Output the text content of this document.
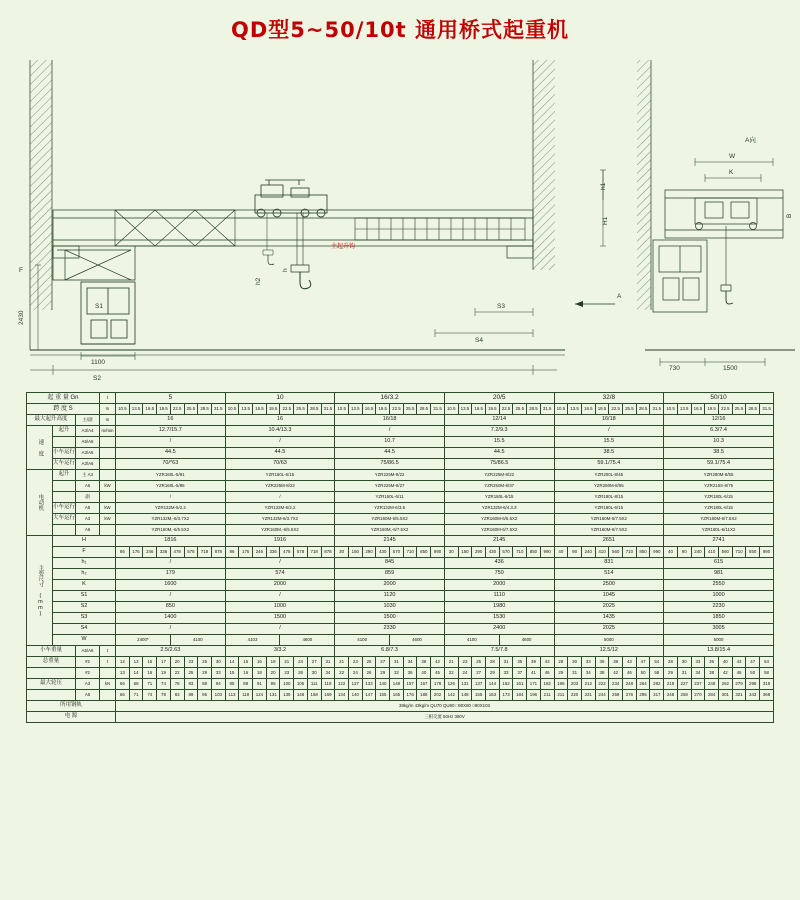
QD型5~50/10t 通用桥式起重机
1100
S1
S2
S3
S4
2430
F
H1
h1
h2
h
A
A向
W
K
B
730	1500
主起升钩
起 重 量 Gn			t	5								10								16/3.2								20/5								32/8								50/10							
跨 度 S			m	10.5	13.5	16.5	19.5	22.5	25.5	28.5	31.5	10.5	13.5	16.5	19.5	22.5	25.5	28.5	31.5	10.5	13.5	16.5	19.5	22.5	25.5	28.5	31.5	10.5	13.5	16.5	19.5	22.5	25.5	28.5	31.5	10.5	13.5	16.5	19.5	22.5	25.5	28.5	31.5	10.5	13.5	16.5	19.5	22.5	25.5	28.5	31.5
最大起升高度		主/副	m	16								16								16/18								12/14								16/18								12/16							
速 度	起升	A3/A4	m/min	12.7/15.7								10.4/13.3								/								7.2/9.3								/								6.3/7.4							
		A5/A6		/								/								10.7								15.5								15.5								10.3							
	小车运行	A3/A6		44.5								44.5								44.5								44.5								38.5								38.5							
	大车运行	A3/A6		70/*63								70/63								75/86.5								75/86.5								59.1/75.4								59.1/75.4							
电动机	起升	主 A3		YZR160L-5/81								YZR160L-6/15								YZR225M-8/22								YZR225M-8/22								YZR200L-8/45								YZR280M-8/55							
		A6	kW	YZR160L-5/85								YZR225M-8/22								YZR225M-8/27								YZR250M-8/37								YZR280M-8/55								YZR215S-8/75							
		副		/								/								YZR160L-6/11								YZR180L-6/15								YZR180L-8/15								YZR180L-6/15							
	小车运行	A5	kW	YZR132M-5/2.2								YZR132M-6/2.2								YZR132M-6/3.5								YZR132M-6/4.3.3								YZR180L-6/15								YZR180L-6/15							
	大车运行	A3	kW	YZR132M,-6/3.7X2								YZR132M-6/3.7X2								YZR160M-6/5.5X2								YZR160M-6/5.5X2								YZR160M-6/7.5X2								YZR160M-6/7.5X2							
		A6		YZR160M,-6/5.5X2								YZR160M,-6/5.5X2								YZR160M,-6/7.5X2								YZR160M-6/7.5X2								YZR160M-6/7.5X2								YZR180L-6/11X2							
主要尺寸 (mm)	H			1816								1916								2145								2145								2651								2741							
	F			86	176	246	336	478	578	718	878	86	176	246	336	478	578	718	878	30	150	290	430	570	710	850	990	30	150	290	430	570	710	850	990	40	90	240	410	560	710	850	990	40	90	240	410	560	710	850	990
	h₁			/								/								845								436								831								615							
	h₂			179								574								859								750								514								981							
	K			1600								2000								2000								2000								2500								2550							
	S1			/								/								1120								1110								1045								1000							
	S2			850								1000								1030								1980								2025								2230							
	S3			1400								1500								1500								1530								1435								1850							
	S4			/								/								2330								2400								2025								3005							
	W			2400*				4100				4103				4600				4100				4600				4100				4600				5000								5000							
小车重量		A5/A6	t	2.5/2.63								3/3.2								6.8/7.3								7.5/7.8								12.5/12								13.8/15.4							
总重量		#2	t	12	13	15	17	20	23	26	30	14	15	16	18	21	24	27	31	21	23	25	27	31	34	38	42	21	23	25	28	31	35	39	43	28	30	33	36	39	43	47	54	28	30	33	36	40	43	47	54
		#2		13	14	16	19	22	25	29	33	15	16	18	20	23	26	30	34	22	24	26	29	32	36	40	45	22	24	27	29	33	37	41	46	29	31	34	38	42	46	50	58	29	31	34	38	42	46	50	58
最大轮压		A3	kN	66	68	71	74	78	83	88	94	85	88	91	95	100	105	111	118	122	127	133	140	148	157	167	178	126	131	137	144	152	161	171	182	196	203	212	222	234	248	264	282	219	227	237	248	262	279	298	319
		A5		66	71	74	78	83	89	95	103	113	118	124	131	139	148	158	169	134	140	147	155	165	176	188	202	142	148	155	163	173	184	196	211	211	220	231	244	259	276	295	317	248	258	270	284	301	321	343	368
所用钢轨				38kg/m 43kg/m QU70 QU80 □90X80 □90X103																																															
电 源				三相交流 50Hz 380V																																															
